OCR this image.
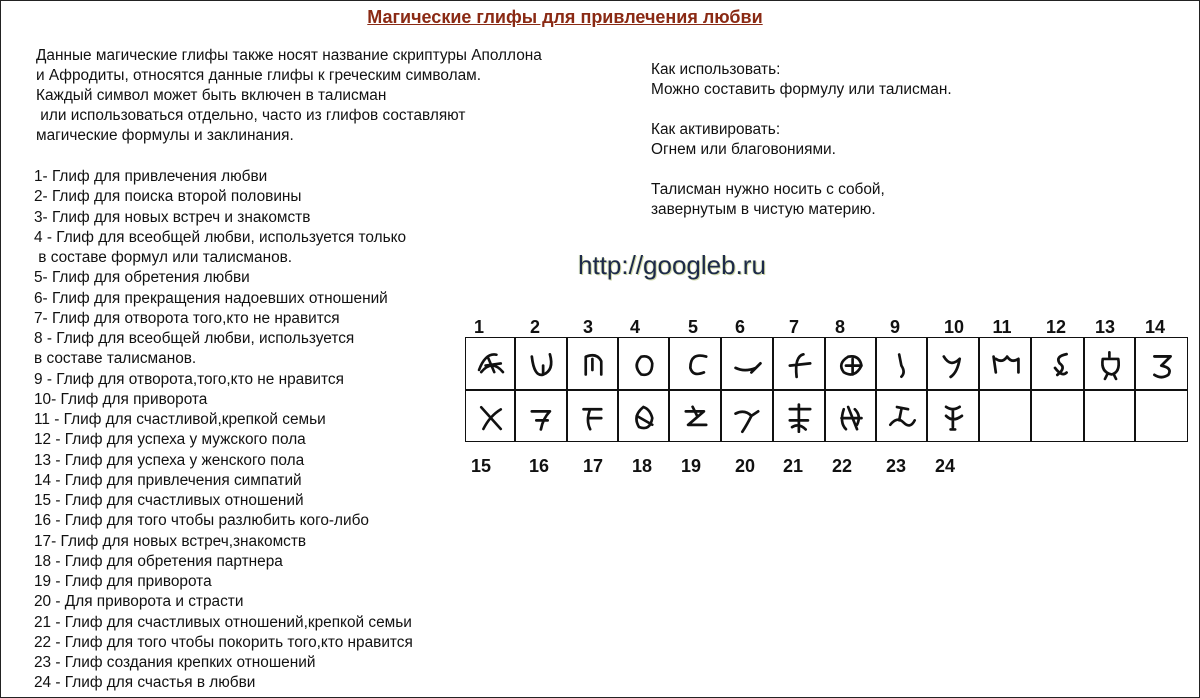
Магические глифы для привлечения любви
Данные магические глифы также носят название скриптуры Аполлона
и Афродиты, относятся данные глифы к греческим символам.
Каждый символ может быть включен в талисман
или использоваться отдельно, часто из глифов составляют
магические формулы и заклинания.
1- Глиф для привлечения любви
2- Глиф для поиска второй половины
3- Глиф для новых встреч и знакомств
4 - Глиф для всеобщей любви, используется только
в составе формул или талисманов.
5- Глиф для обретения любви
6- Глиф для прекращения надоевших отношений
7- Глиф для отворота того,кто не нравится
8 - Глиф для всеобщей любви, используется
в составе талисманов.
9 - Глиф для отворота,того,кто не нравится
10- Глиф для приворота
11 - Глиф для счастливой,крепкой семьи
12 - Глиф для успеха у мужского пола
13 - Глиф для успеха у женского пола
14 - Глиф для привлечения симпатий
15 - Глиф для счастливых отношений
16 - Глиф для того чтобы разлюбить кого-либо
17- Глиф для новых встреч,знакомств
18 - Глиф для обретения партнера
19 - Глиф для приворота
20 - Для приворота и страсти
21 - Глиф для счастливых отношений,крепкой семьи
22 - Глиф для того чтобы покорить того,кто нравится
23 - Глиф создания крепких отношений
24 - Глиф для счастья в любви
Как использовать:
Можно составить формулу или талисман.
Как активировать:
Огнем или благовониями.
Талисман нужно носить с собой,
завернутым в чистую материю.
http://googleb.ru
1	2 3 4	5 6 7 8 9 10 11 12 13 14
15 16 17 18 19 20 21 22 23 24
